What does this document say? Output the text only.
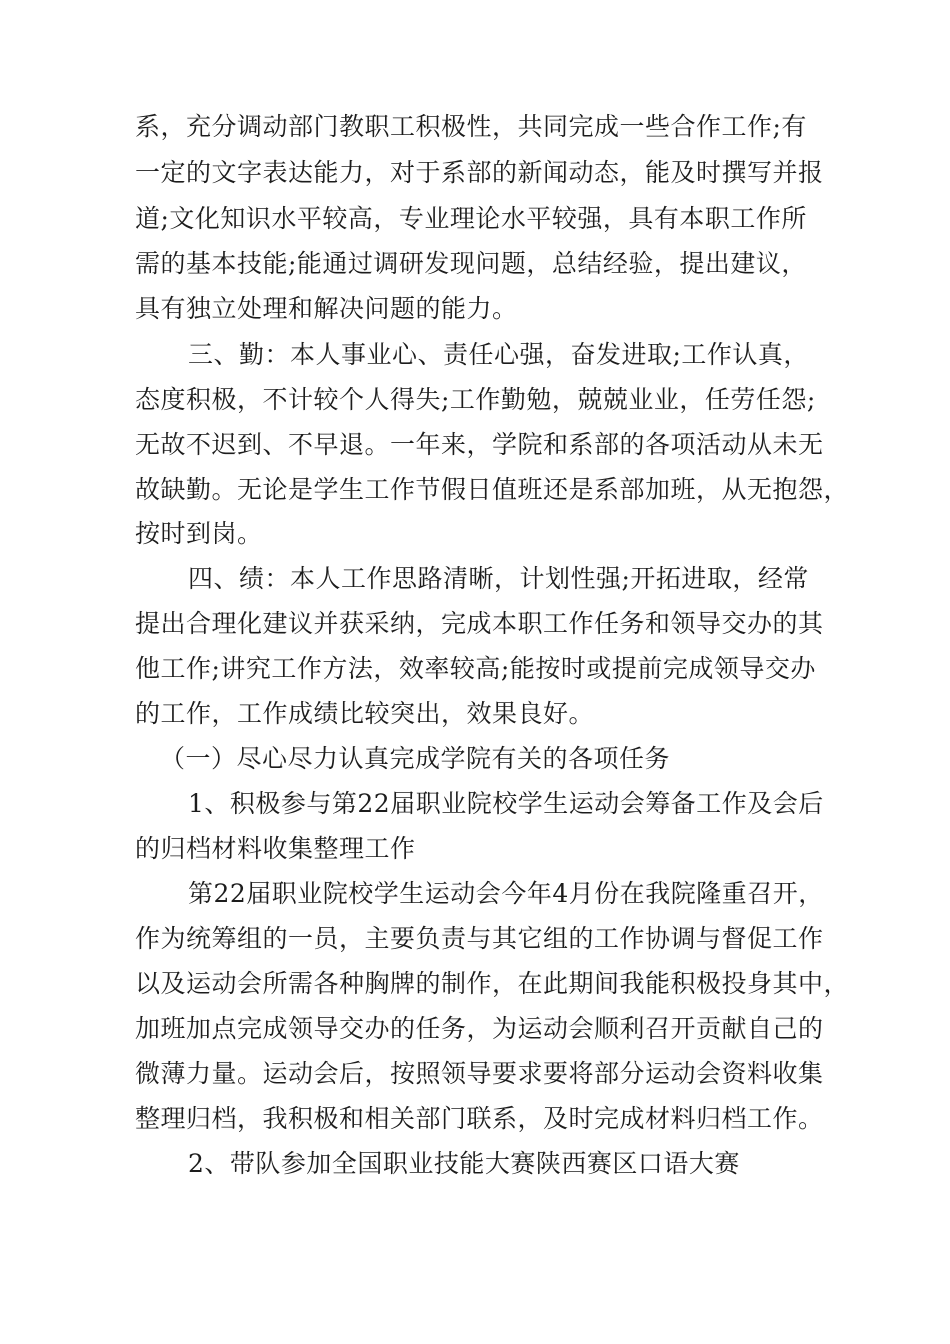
系，充分调动部门教职工积极性，共同完成一些合作工作;有
一定的文字表达能力，对于系部的新闻动态，能及时撰写并报
道;文化知识水平较高，专业理论水平较强，具有本职工作所
需的基本技能;能通过调研发现问题，总结经验，提出建议，
具有独立处理和解决问题的能力。
三、勤：本人事业心、责任心强，奋发进取;工作认真，
态度积极，不计较个人得失;工作勤勉，兢兢业业，任劳任怨;
无故不迟到、不早退。一年来，学院和系部的各项活动从未无
故缺勤。无论是学生工作节假日值班还是系部加班，从无抱怨，
按时到岗。
四、绩：本人工作思路清晰，计划性强;开拓进取，经常
提出合理化建议并获采纳，完成本职工作任务和领导交办的其
他工作;讲究工作方法，效率较高;能按时或提前完成领导交办
的工作，工作成绩比较突出，效果良好。
（一）尽心尽力认真完成学院有关的各项任务
1、积极参与第22届职业院校学生运动会筹备工作及会后
的归档材料收集整理工作
第22届职业院校学生运动会今年4月份在我院隆重召开，
作为统筹组的一员，主要负责与其它组的工作协调与督促工作
以及运动会所需各种胸牌的制作，在此期间我能积极投身其中，
加班加点完成领导交办的任务，为运动会顺利召开贡献自己的
微薄力量。运动会后，按照领导要求要将部分运动会资料收集
整理归档，我积极和相关部门联系，及时完成材料归档工作。
2、带队参加全国职业技能大赛陕西赛区口语大赛
